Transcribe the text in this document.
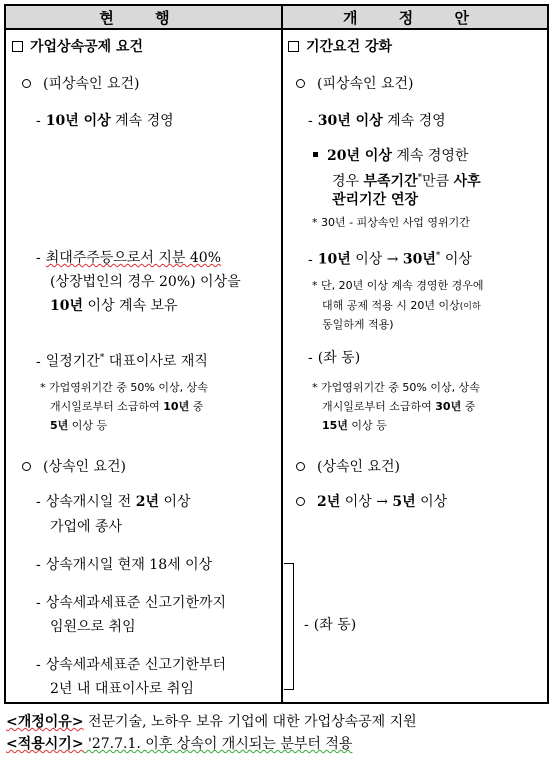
현 행	개 정 안
가업상속공제 요건
(피상속인 요건)
- 10년 이상 계속 경영
- 최대주주등으로서 지분 40%
(상장법인의 경우 20%) 이상을
10년 이상 계속 보유
- 일정기간* 대표이사로 재직
* 가업영위기간 중 50% 이상, 상속
개시일로부터 소급하여 10년 중
5년 이상 등
(상속인 요건)
- 상속개시일 전 2년 이상
가업에 종사
- 상속개시일 현재 18세 이상
- 상속세과세표준 신고기한까지
임원으로 취임
- 상속세과세표준 신고기한부터
2년 내 대표이사로 취임
기간요건 강화
(피상속인 요건)
- 30년 이상 계속 경영
20년 이상 계속 경영한
경우 부족기간*만큼 사후
관리기간 연장
* 30년 - 피상속인 사업 영위기간
- 10년 이상 → 30년* 이상
* 단, 20년 이상 계속 경영한 경우에
대해 공제 적용 시 20년 이상(이하
동일하게 적용)
- (좌 동)
* 가업영위기간 중 50% 이상, 상속
개시일로부터 소급하여 30년 중
15년 이상 등
(상속인 요건)
2년 이상 → 5년 이상
- (좌 동)
<개정이유> 전문기술, 노하우 보유 기업에 대한 가업상속공제 지원
<적용시기> '27.7.1. 이후 상속이 개시되는 분부터 적용
